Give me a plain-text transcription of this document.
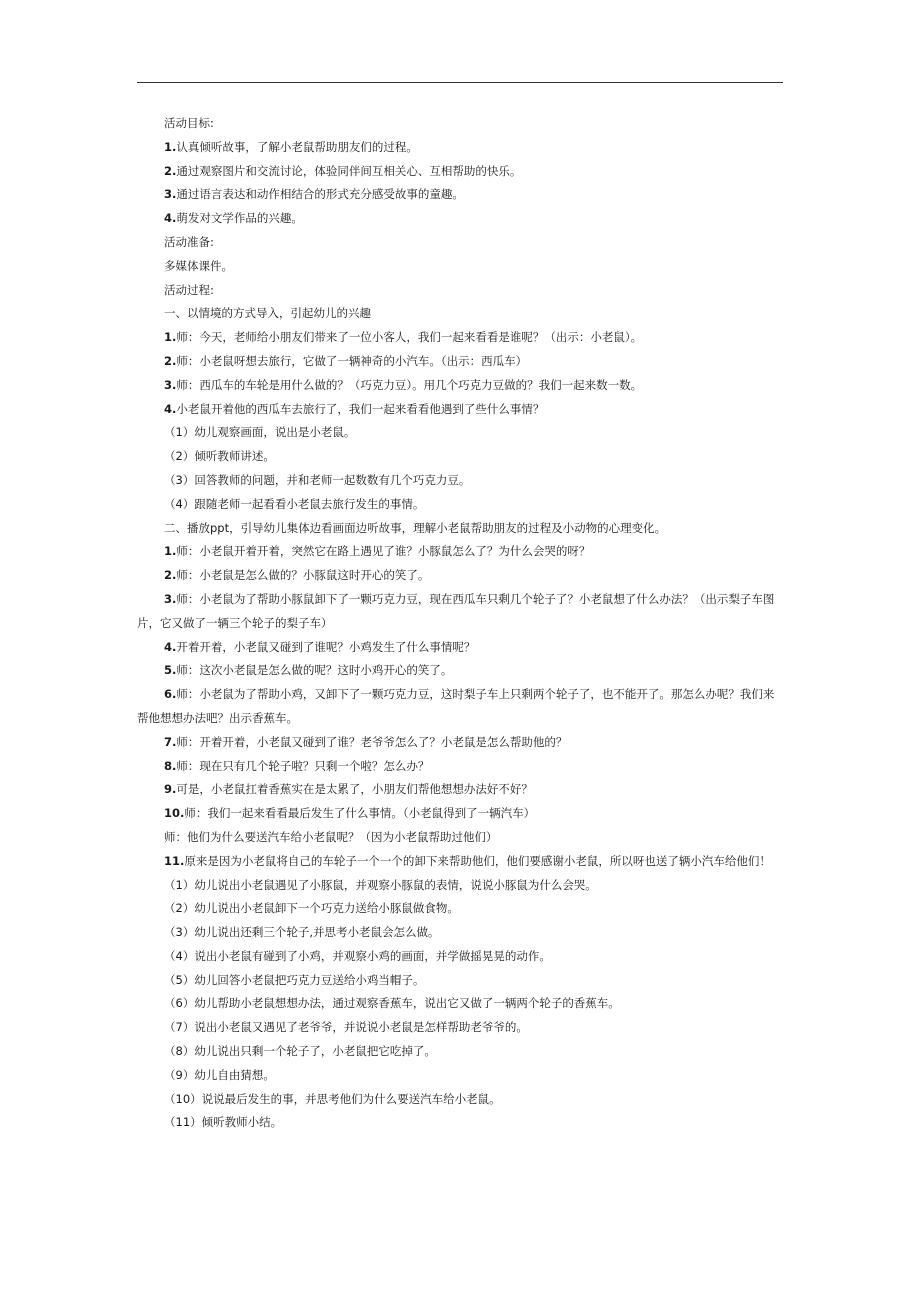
活动目标:
1.认真倾听故事，了解小老鼠帮助朋友们的过程。
2.通过观察图片和交流讨论，体验同伴间互相关心、互相帮助的快乐。
3.通过语言表达和动作相结合的形式充分感受故事的童趣。
4.萌发对文学作品的兴趣。
活动准备:
多媒体课件。
活动过程:
一、以情境的方式导入，引起幼儿的兴趣
1.师：今天，老师给小朋友们带来了一位小客人，我们一起来看看是谁呢？（出示：小老鼠）。
2.师：小老鼠呀想去旅行，它做了一辆神奇的小汽车。（出示：西瓜车）
3.师：西瓜车的车轮是用什么做的？（巧克力豆）。用几个巧克力豆做的？我们一起来数一数。
4.小老鼠开着他的西瓜车去旅行了，我们一起来看看他遇到了些什么事情？
（1）幼儿观察画面，说出是小老鼠。
（2）倾听教师讲述。
（3）回答教师的问题，并和老师一起数数有几个巧克力豆。
（4）跟随老师一起看看小老鼠去旅行发生的事情。
二、播放ppt，引导幼儿集体边看画面边听故事，理解小老鼠帮助朋友的过程及小动物的心理变化。
1.师：小老鼠开着开着，突然它在路上遇见了谁？小豚鼠怎么了？为什么会哭的呀？
2.师：小老鼠是怎么做的？小豚鼠这时开心的笑了。
3.师：小老鼠为了帮助小豚鼠卸下了一颗巧克力豆，现在西瓜车只剩几个轮子了？小老鼠想了什么办法？（出示梨子车图片，它又做了一辆三个轮子的梨子车）
4.开着开着，小老鼠又碰到了谁呢？小鸡发生了什么事情呢？
5.师：这次小老鼠是怎么做的呢？这时小鸡开心的笑了。
6.师：小老鼠为了帮助小鸡，又卸下了一颗巧克力豆，这时梨子车上只剩两个轮子了，也不能开了。那怎么办呢？我们来帮他想想办法吧？出示香蕉车。
7.师：开着开着，小老鼠又碰到了谁？老爷爷怎么了？小老鼠是怎么帮助他的？
8.师：现在只有几个轮子啦？只剩一个啦？怎么办？
9.可是，小老鼠扛着香蕉实在是太累了，小朋友们帮他想想办法好不好？
10.师：我们一起来看看最后发生了什么事情。（小老鼠得到了一辆汽车）
师：他们为什么要送汽车给小老鼠呢？（因为小老鼠帮助过他们）
11.原来是因为小老鼠将自己的车轮子一个一个的卸下来帮助他们，他们要感谢小老鼠，所以呀也送了辆小汽车给他们！
（1）幼儿说出小老鼠遇见了小豚鼠，并观察小豚鼠的表情，说说小豚鼠为什么会哭。
（2）幼儿说出小老鼠卸下一个巧克力送给小豚鼠做食物。
（3）幼儿说出还剩三个轮子,并思考小老鼠会怎么做。
（4）说出小老鼠有碰到了小鸡，并观察小鸡的画面，并学做摇晃晃的动作。
（5）幼儿回答小老鼠把巧克力豆送给小鸡当帽子。
（6）幼儿帮助小老鼠想想办法，通过观察香蕉车，说出它又做了一辆两个轮子的香蕉车。
（7）说出小老鼠又遇见了老爷爷，并说说小老鼠是怎样帮助老爷爷的。
（8）幼儿说出只剩一个轮子了，小老鼠把它吃掉了。
（9）幼儿自由猜想。
（10）说说最后发生的事，并思考他们为什么要送汽车给小老鼠。
（11）倾听教师小结。
